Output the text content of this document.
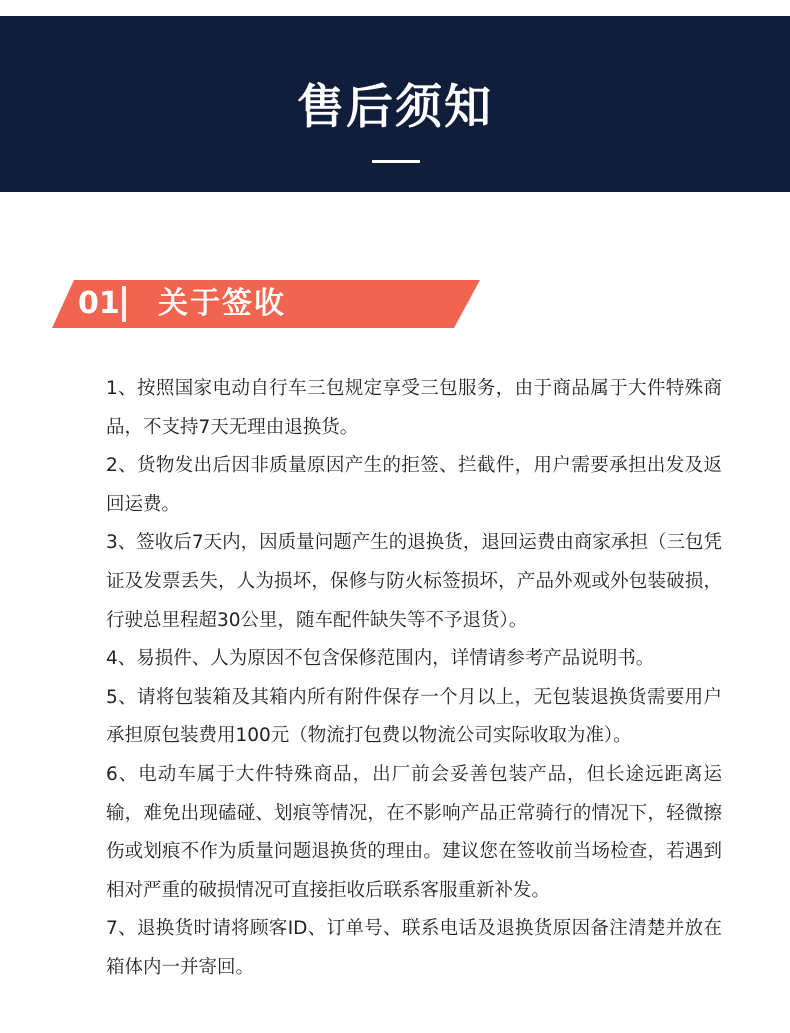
售后须知
01 关于签收
1、按照国家电动自行车三包规定享受三包服务，由于商品属于大件特殊商品，不支持7天无理由退换货。
2、货物发出后因非质量原因产生的拒签、拦截件，用户需要承担出发及返回运费。
3、签收后7天内，因质量问题产生的退换货，退回运费由商家承担（三包凭证及发票丢失，人为损坏，保修与防火标签损坏，产品外观或外包装破损，行驶总里程超30公里，随车配件缺失等不予退货）。
4、易损件、人为原因不包含保修范围内，详情请参考产品说明书。
5、请将包装箱及其箱内所有附件保存一个月以上，无包装退换货需要用户承担原包装费用100元（物流打包费以物流公司实际收取为准）。
6、电动车属于大件特殊商品，出厂前会妥善包装产品，但长途远距离运输，难免出现磕碰、划痕等情况，在不影响产品正常骑行的情况下，轻微擦伤或划痕不作为质量问题退换货的理由。建议您在签收前当场检查，若遇到相对严重的破损情况可直接拒收后联系客服重新补发。
7、退换货时请将顾客ID、订单号、联系电话及退换货原因备注清楚并放在箱体内一并寄回。
